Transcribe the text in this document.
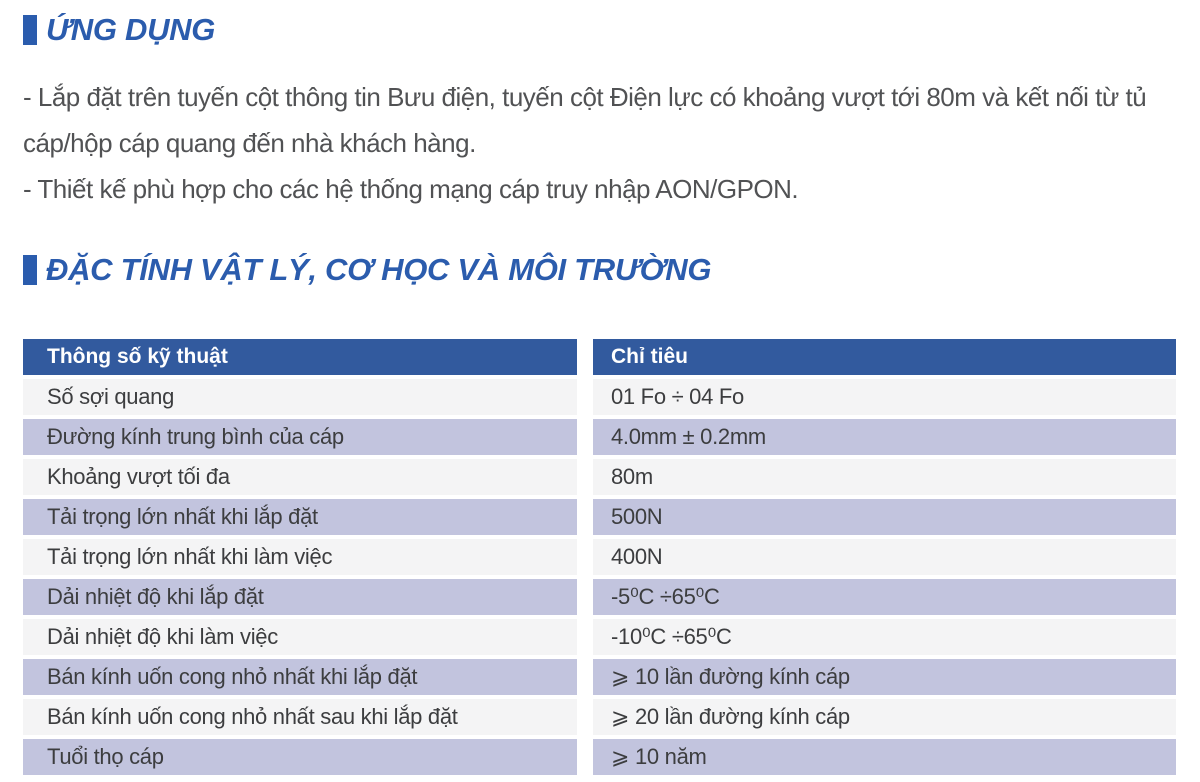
ỨNG DỤNG

- Lắp đặt trên tuyến cột thông tin Bưu điện, tuyến cột Điện lực có khoảng vượt tới 80m và kết nối từ tủ cáp/hộp cáp quang đến nhà khách hàng.

- Thiết kế phù hợp cho các hệ thống mạng cáp truy nhập AON/GPON.

ĐẶC TÍNH VẬT LÝ, CƠ HỌC VÀ MÔI TRƯỜNG
Thông số kỹ thuật	Chỉ tiêu
Số sợi quang	01 Fo ÷ 04 Fo
Đường kính trung bình của cáp	4.0mm ± 0.2mm
Khoảng vượt tối đa	80m
Tải trọng lớn nhất khi lắp đặt	500N
Tải trọng lớn nhất khi làm việc	400N
Dải nhiệt độ khi lắp đặt	-5⁰C ÷65⁰C
Dải nhiệt độ khi làm việc	-10⁰C ÷65⁰C
Bán kính uốn cong nhỏ nhất khi lắp đặt	⩾ 10 lần đường kính cáp
Bán kính uốn cong nhỏ nhất sau khi lắp đặt	⩾ 20 lần đường kính cáp
Tuổi thọ cáp	⩾ 10 năm
